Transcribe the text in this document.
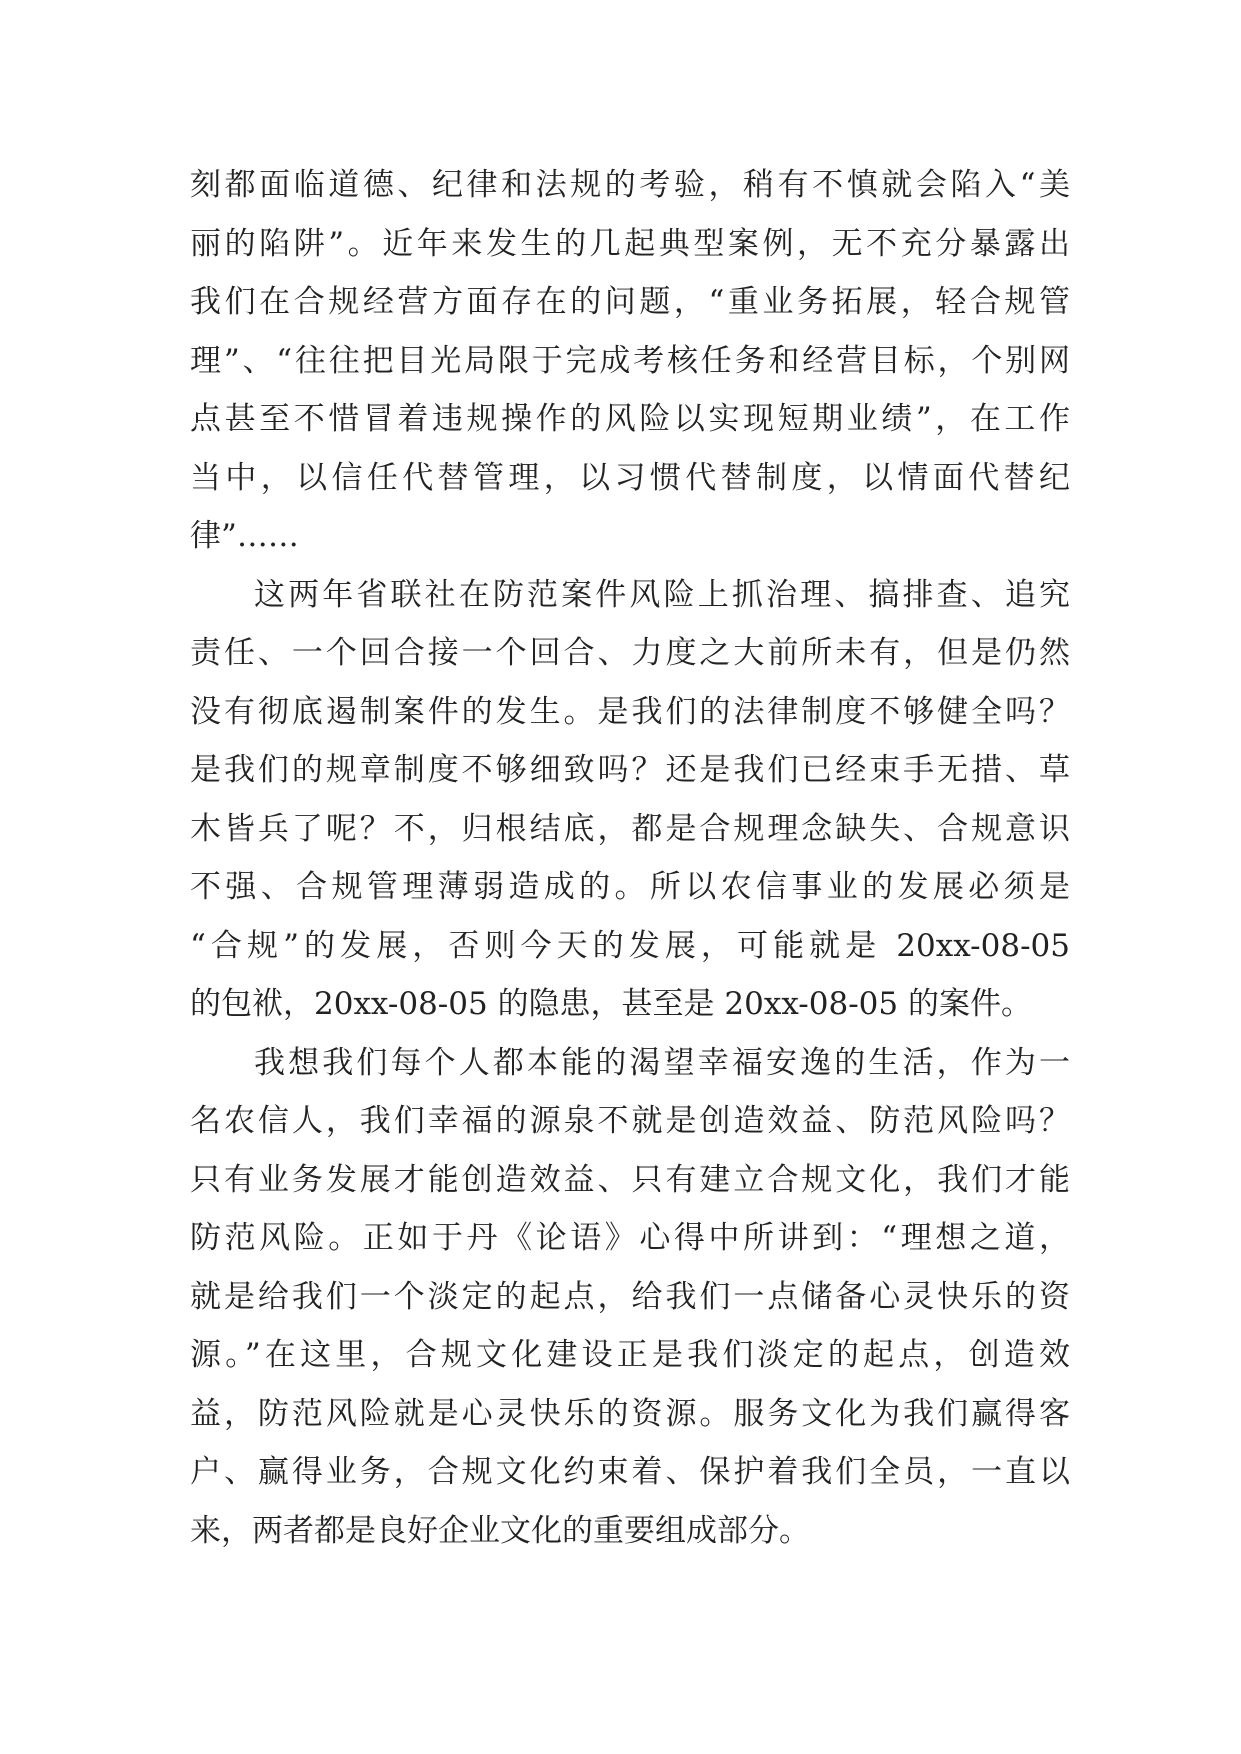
刻都面临道德、纪律和法规的考验，稍有不慎就会陷入“美
丽的陷阱”。近年来发生的几起典型案例，无不充分暴露出
我们在合规经营方面存在的问题，“重业务拓展，轻合规管
理”、“往往把目光局限于完成考核任务和经营目标，个别网
点甚至不惜冒着违规操作的风险以实现短期业绩”，在工作
当中，以信任代替管理，以习惯代替制度，以情面代替纪
律”……
这两年省联社在防范案件风险上抓治理、搞排查、追究
责任、一个回合接一个回合、力度之大前所未有，但是仍然
没有彻底遏制案件的发生。是我们的法律制度不够健全吗？
是我们的规章制度不够细致吗？还是我们已经束手无措、草
木皆兵了呢？不，归根结底，都是合规理念缺失、合规意识
不强、合规管理薄弱造成的。所以农信事业的发展必须是
“合规”的发展，否则今天的发展，可能就是 20xx-08-05
的包袱，20xx-08-05 的隐患，甚至是 20xx-08-05 的案件。
我想我们每个人都本能的渴望幸福安逸的生活，作为一
名农信人，我们幸福的源泉不就是创造效益、防范风险吗？
只有业务发展才能创造效益、只有建立合规文化，我们才能
防范风险。正如于丹《论语》心得中所讲到：“理想之道，
就是给我们一个淡定的起点，给我们一点储备心灵快乐的资
源。”在这里，合规文化建设正是我们淡定的起点，创造效
益，防范风险就是心灵快乐的资源。服务文化为我们赢得客
户、赢得业务，合规文化约束着、保护着我们全员，一直以
来，两者都是良好企业文化的重要组成部分。
